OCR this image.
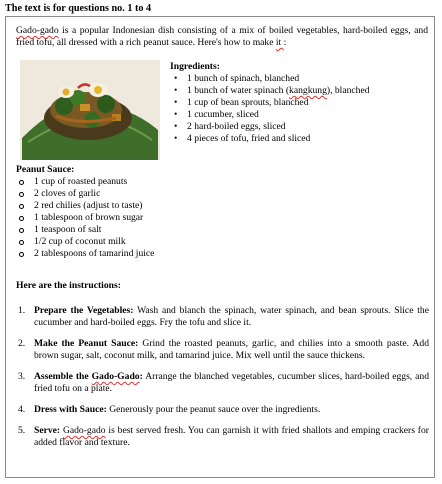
The text is for questions no. 1 to 4
Gado-gado is a popular Indonesian dish consisting of a mix of boiled vegetables, hard-boiled eggs, and fried tofu, all dressed with a rich peanut sauce. Here's how to make it :
Ingredients:
• 1 bunch of spinach, blanched
• 1 bunch of water spinach (kangkung), blanched
• 1 cup of bean sprouts, blanched
• 1 cucumber, sliced
• 2 hard-boiled eggs, sliced
• 4 pieces of tofu, fried and sliced
Peanut Sauce:
1 cup of roasted peanuts
2 cloves of garlic
2 red chilies (adjust to taste)
1 tablespoon of brown sugar
1 teaspoon of salt
1/2 cup of coconut milk
2 tablespoons of tamarind juice
Here are the instructions:
1. Prepare the Vegetables: Wash and blanch the spinach, water spinach, and bean sprouts. Slice the cucumber and hard-boiled eggs. Fry the tofu and slice it.
2. Make the Peanut Sauce: Grind the roasted peanuts, garlic, and chilies into a smooth paste. Add brown sugar, salt, coconut milk, and tamarind juice. Mix well until the sauce thickens.
3. Assemble the Gado-Gado: Arrange the blanched vegetables, cucumber slices, hard-boiled eggs, and fried tofu on a plate.
4. Dress with Sauce: Generously pour the peanut sauce over the ingredients.
5. Serve: Gado-gado is best served fresh. You can garnish it with fried shallots and emping crackers for added flavor and texture.
